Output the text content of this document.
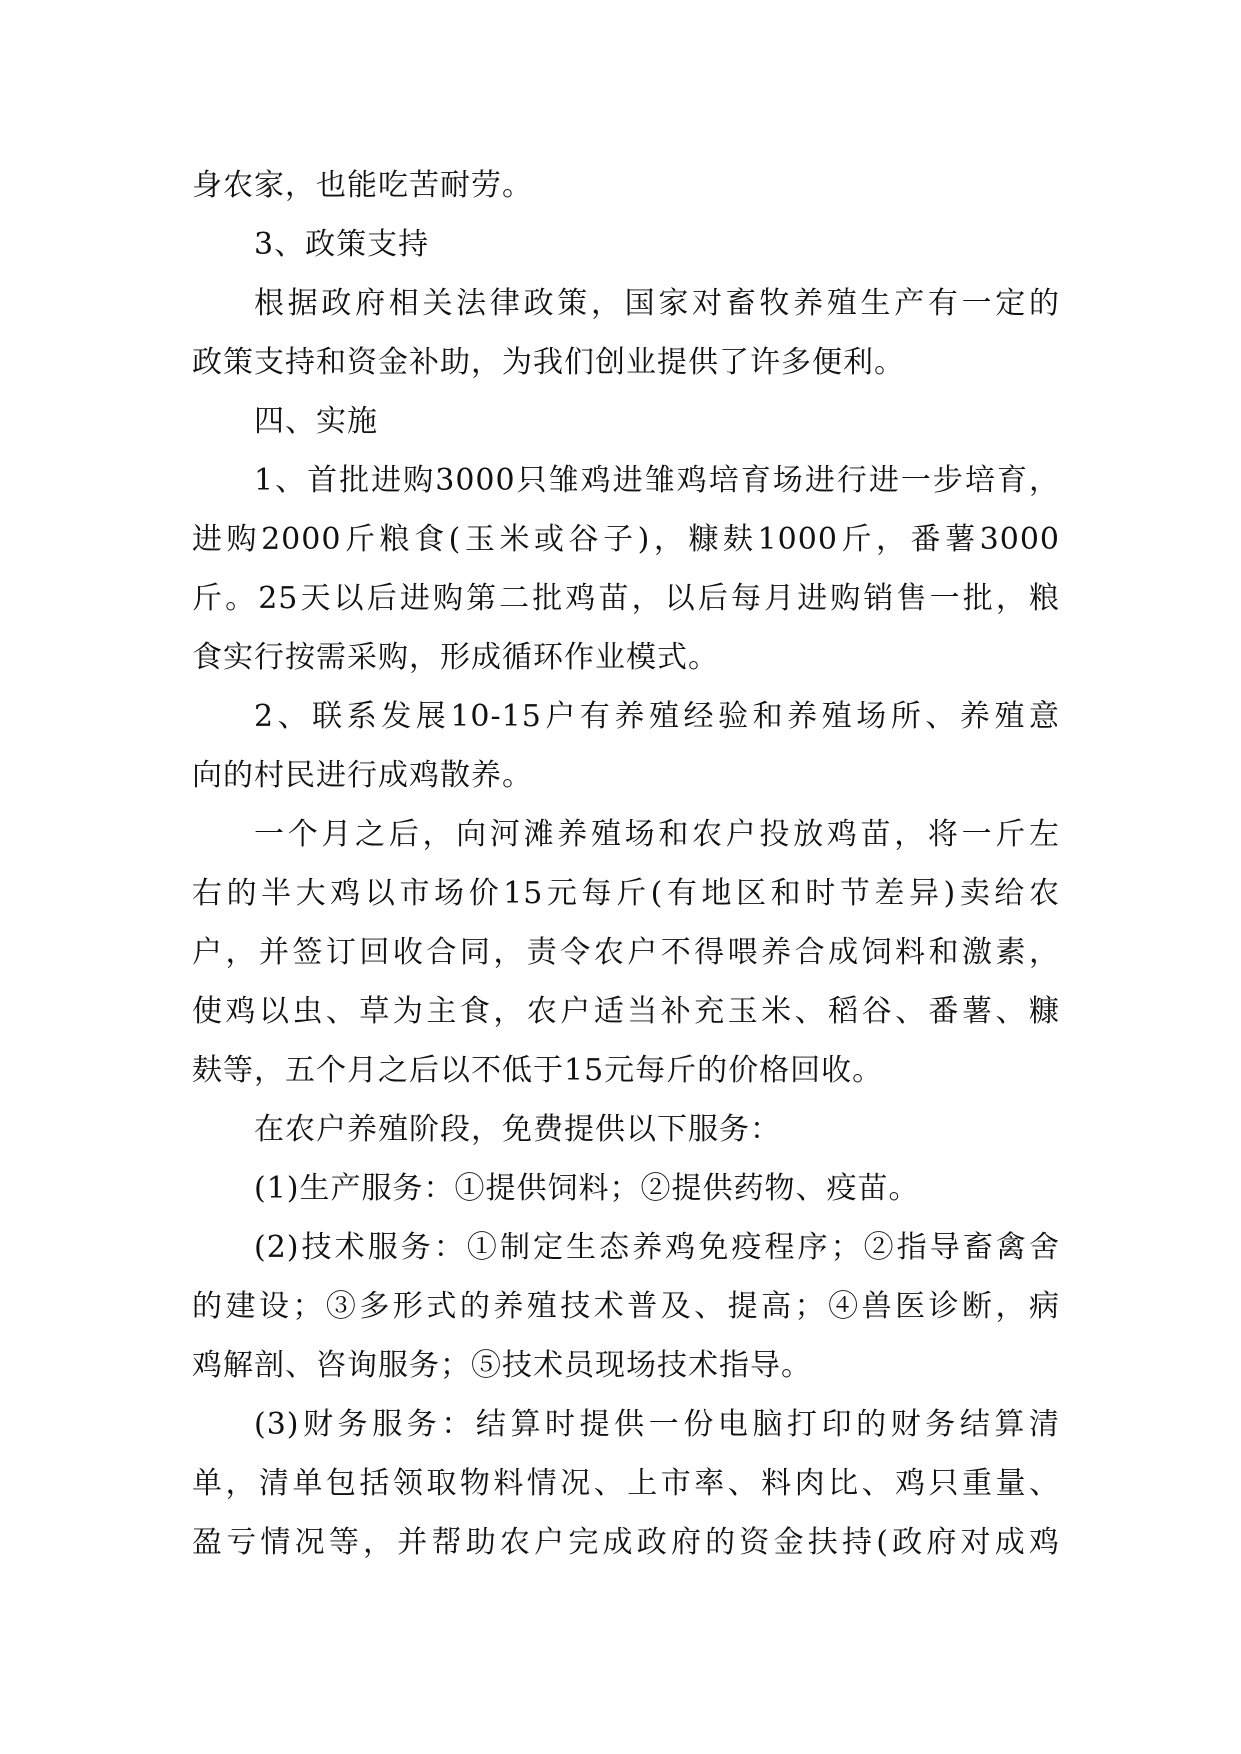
身农家，也能吃苦耐劳。
3、政策支持
根据政府相关法律政策，国家对畜牧养殖生产有一定的
政策支持和资金补助，为我们创业提供了许多便利。
四、实施
1、首批进购3000只雏鸡进雏鸡培育场进行进一步培育，
进购2000斤粮食(玉米或谷子)，糠麸1000斤，番薯3000
斤。25天以后进购第二批鸡苗，以后每月进购销售一批，粮
食实行按需采购，形成循环作业模式。
2、联系发展10-15户有养殖经验和养殖场所、养殖意
向的村民进行成鸡散养。
一个月之后，向河滩养殖场和农户投放鸡苗，将一斤左
右的半大鸡以市场价15元每斤(有地区和时节差异)卖给农
户，并签订回收合同，责令农户不得喂养合成饲料和激素，
使鸡以虫、草为主食，农户适当补充玉米、稻谷、番薯、糠
麸等，五个月之后以不低于15元每斤的价格回收。
在农户养殖阶段，免费提供以下服务：
(1)生产服务：①提供饲料；②提供药物、疫苗。
(2)技术服务：①制定生态养鸡免疫程序；②指导畜禽舍
的建设；③多形式的养殖技术普及、提高；④兽医诊断，病
鸡解剖、咨询服务；⑤技术员现场技术指导。
(3)财务服务：结算时提供一份电脑打印的财务结算清
单，清单包括领取物料情况、上市率、料肉比、鸡只重量、
盈亏情况等，并帮助农户完成政府的资金扶持(政府对成鸡
